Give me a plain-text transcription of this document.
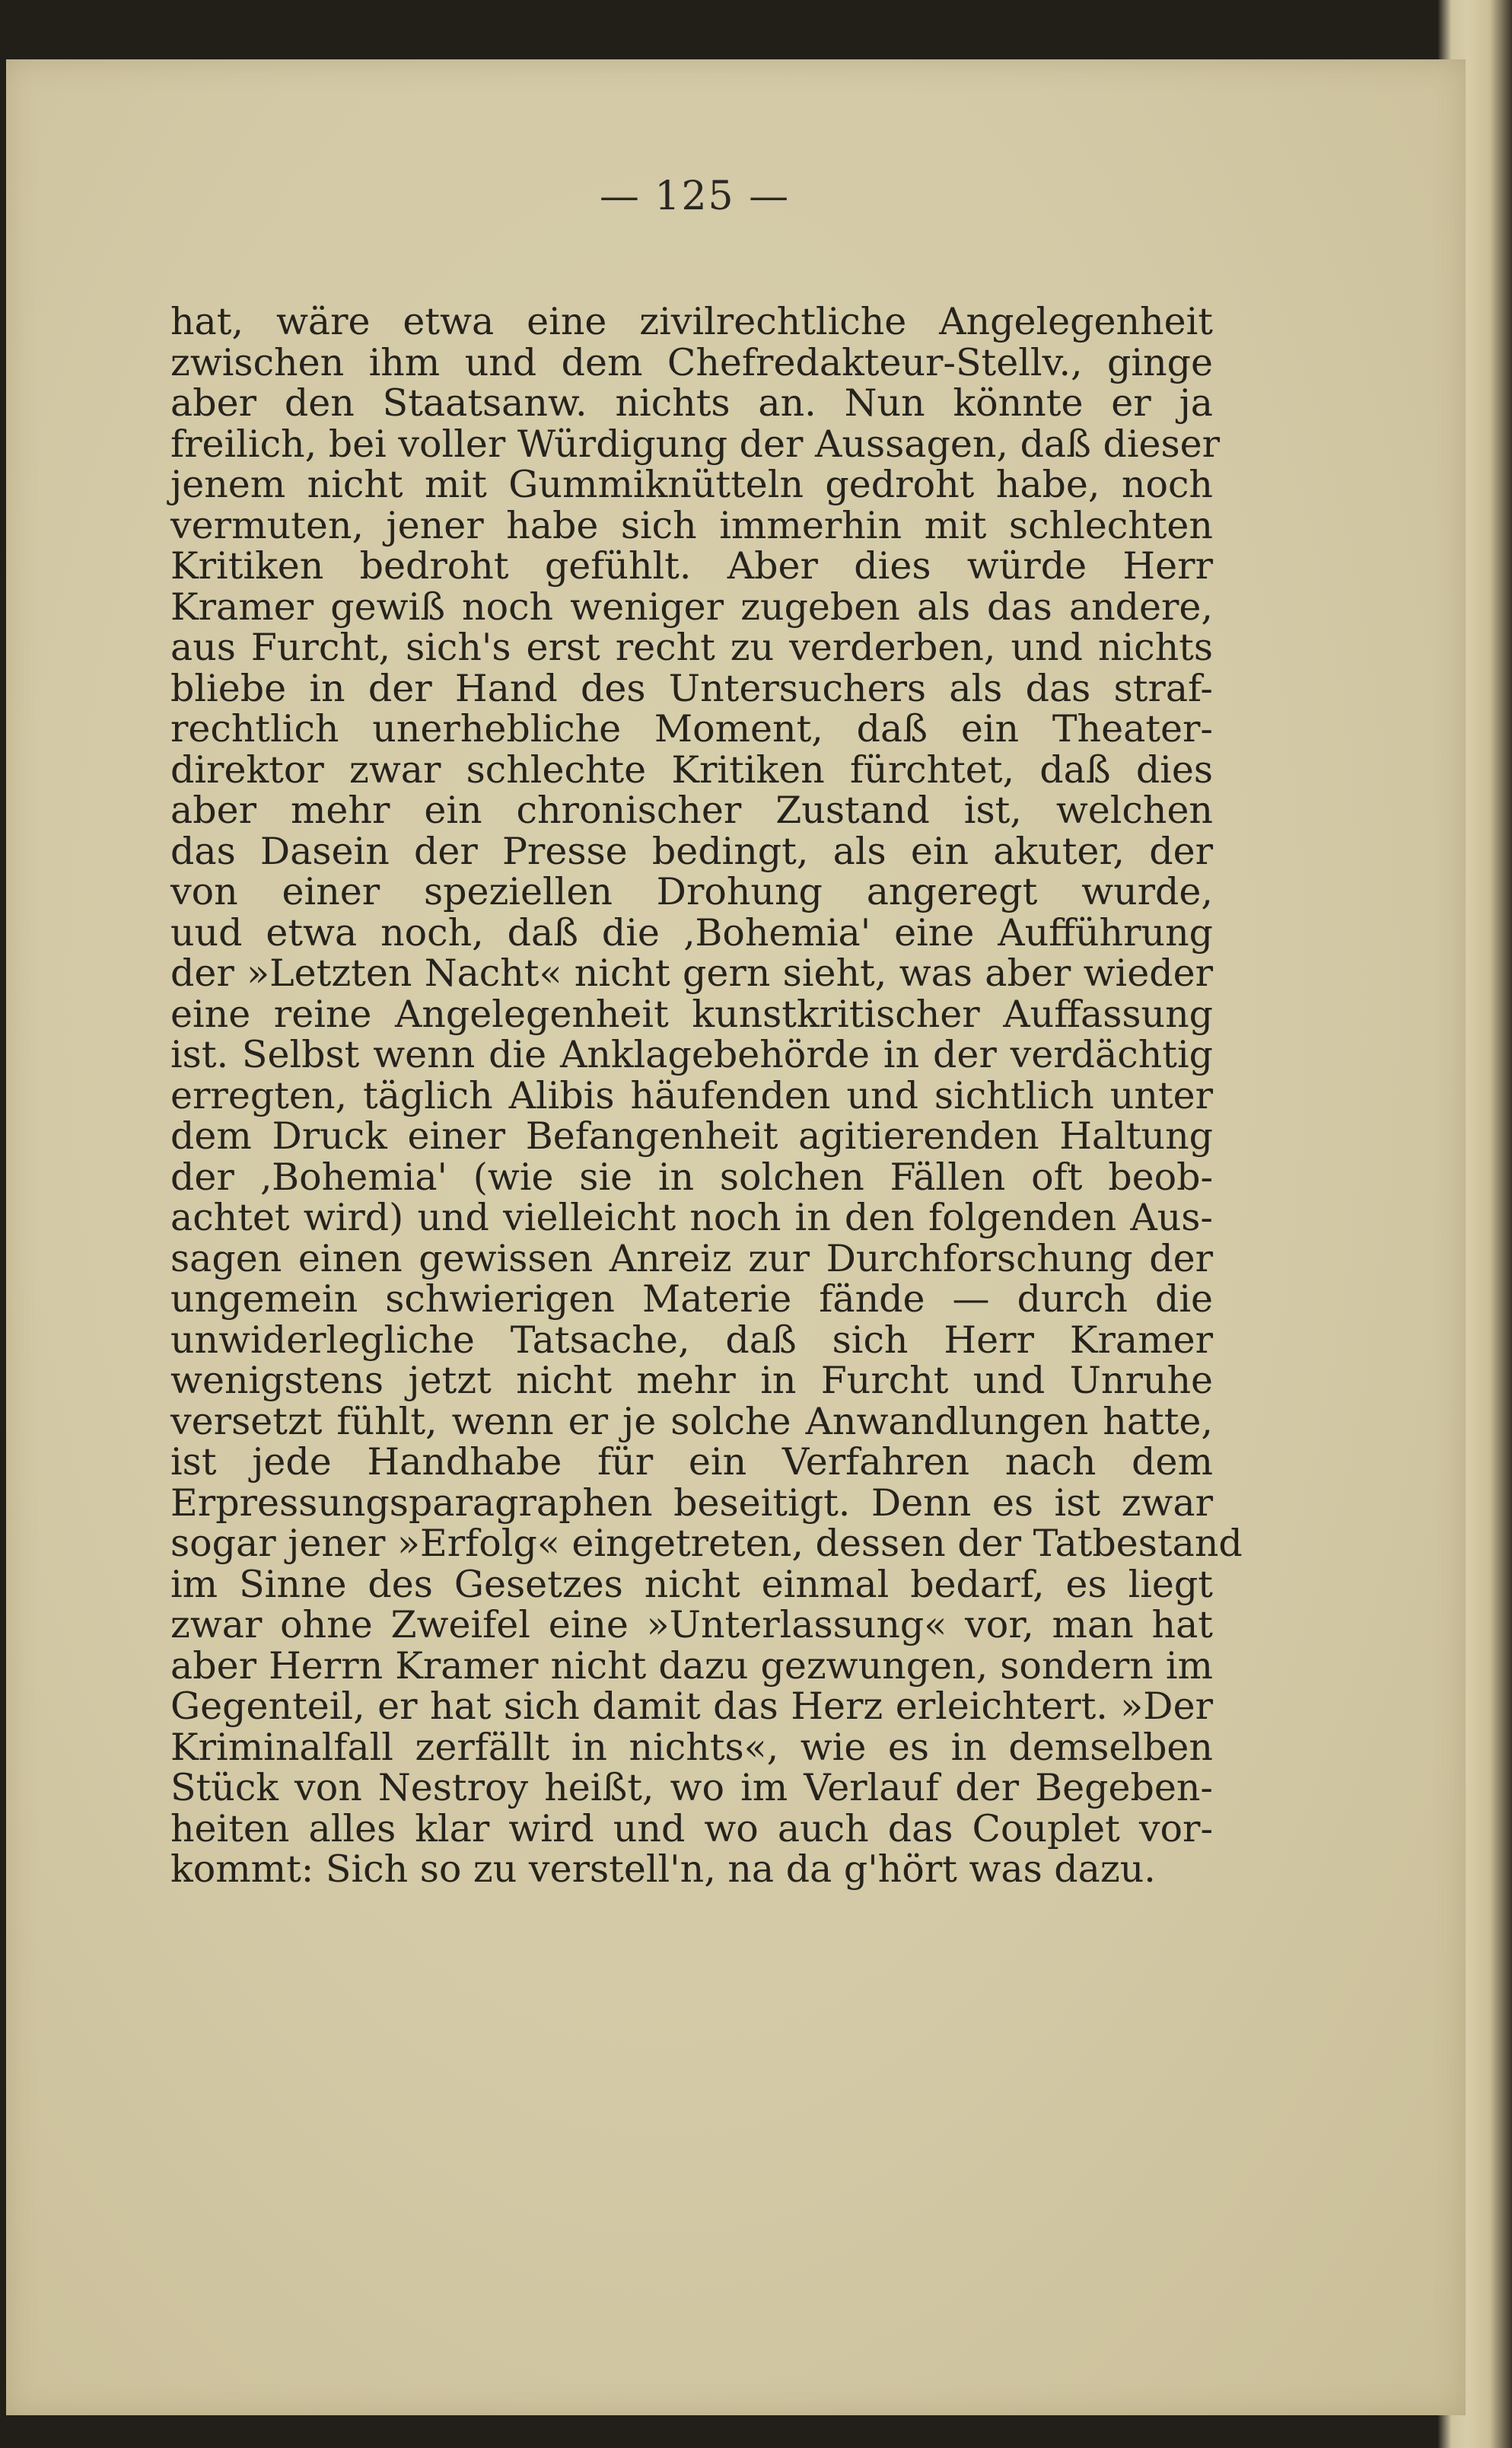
— 125 —
hat, wäre etwa eine zivilrechtliche Angelegenheit
zwischen ihm und dem Chefredakteur-Stellv., ginge
aber den Staatsanw. nichts an. Nun könnte er ja
freilich, bei voller Würdigung der Aussagen, daß dieser
jenem nicht mit Gummiknütteln gedroht habe, noch
vermuten, jener habe sich immerhin mit schlechten
Kritiken bedroht gefühlt. Aber dies würde Herr
Kramer gewiß noch weniger zugeben als das andere,
aus Furcht, sich's erst recht zu verderben, und nichts
bliebe in der Hand des Untersuchers als das straf-
rechtlich unerhebliche Moment, daß ein Theater-
direktor zwar schlechte Kritiken fürchtet, daß dies
aber mehr ein chronischer Zustand ist, welchen
das Dasein der Presse bedingt, als ein akuter, der
von einer speziellen Drohung angeregt wurde,
uud etwa noch, daß die ‚Bohemia' eine Aufführung
der »Letzten Nacht« nicht gern sieht, was aber wieder
eine reine Angelegenheit kunstkritischer Auffassung
ist. Selbst wenn die Anklagebehörde in der verdächtig
erregten, täglich Alibis häufenden und sichtlich unter
dem Druck einer Befangenheit agitierenden Haltung
der ‚Bohemia' (wie sie in solchen Fällen oft beob-
achtet wird) und vielleicht noch in den folgenden Aus-
sagen einen gewissen Anreiz zur Durchforschung der
ungemein schwierigen Materie fände — durch die
unwiderlegliche Tatsache, daß sich Herr Kramer
wenigstens jetzt nicht mehr in Furcht und Unruhe
versetzt fühlt, wenn er je solche Anwandlungen hatte,
ist jede Handhabe für ein Verfahren nach dem
Erpressungsparagraphen beseitigt. Denn es ist zwar
sogar jener »Erfolg« eingetreten, dessen der Tatbestand
im Sinne des Gesetzes nicht einmal bedarf, es liegt
zwar ohne Zweifel eine »Unterlassung« vor, man hat
aber Herrn Kramer nicht dazu gezwungen, sondern im
Gegenteil, er hat sich damit das Herz erleichtert. »Der
Kriminalfall zerfällt in nichts«, wie es in demselben
Stück von Nestroy heißt, wo im Verlauf der Begeben-
heiten alles klar wird und wo auch das Couplet vor-
kommt: Sich so zu verstell'n, na da g'hört was dazu.
